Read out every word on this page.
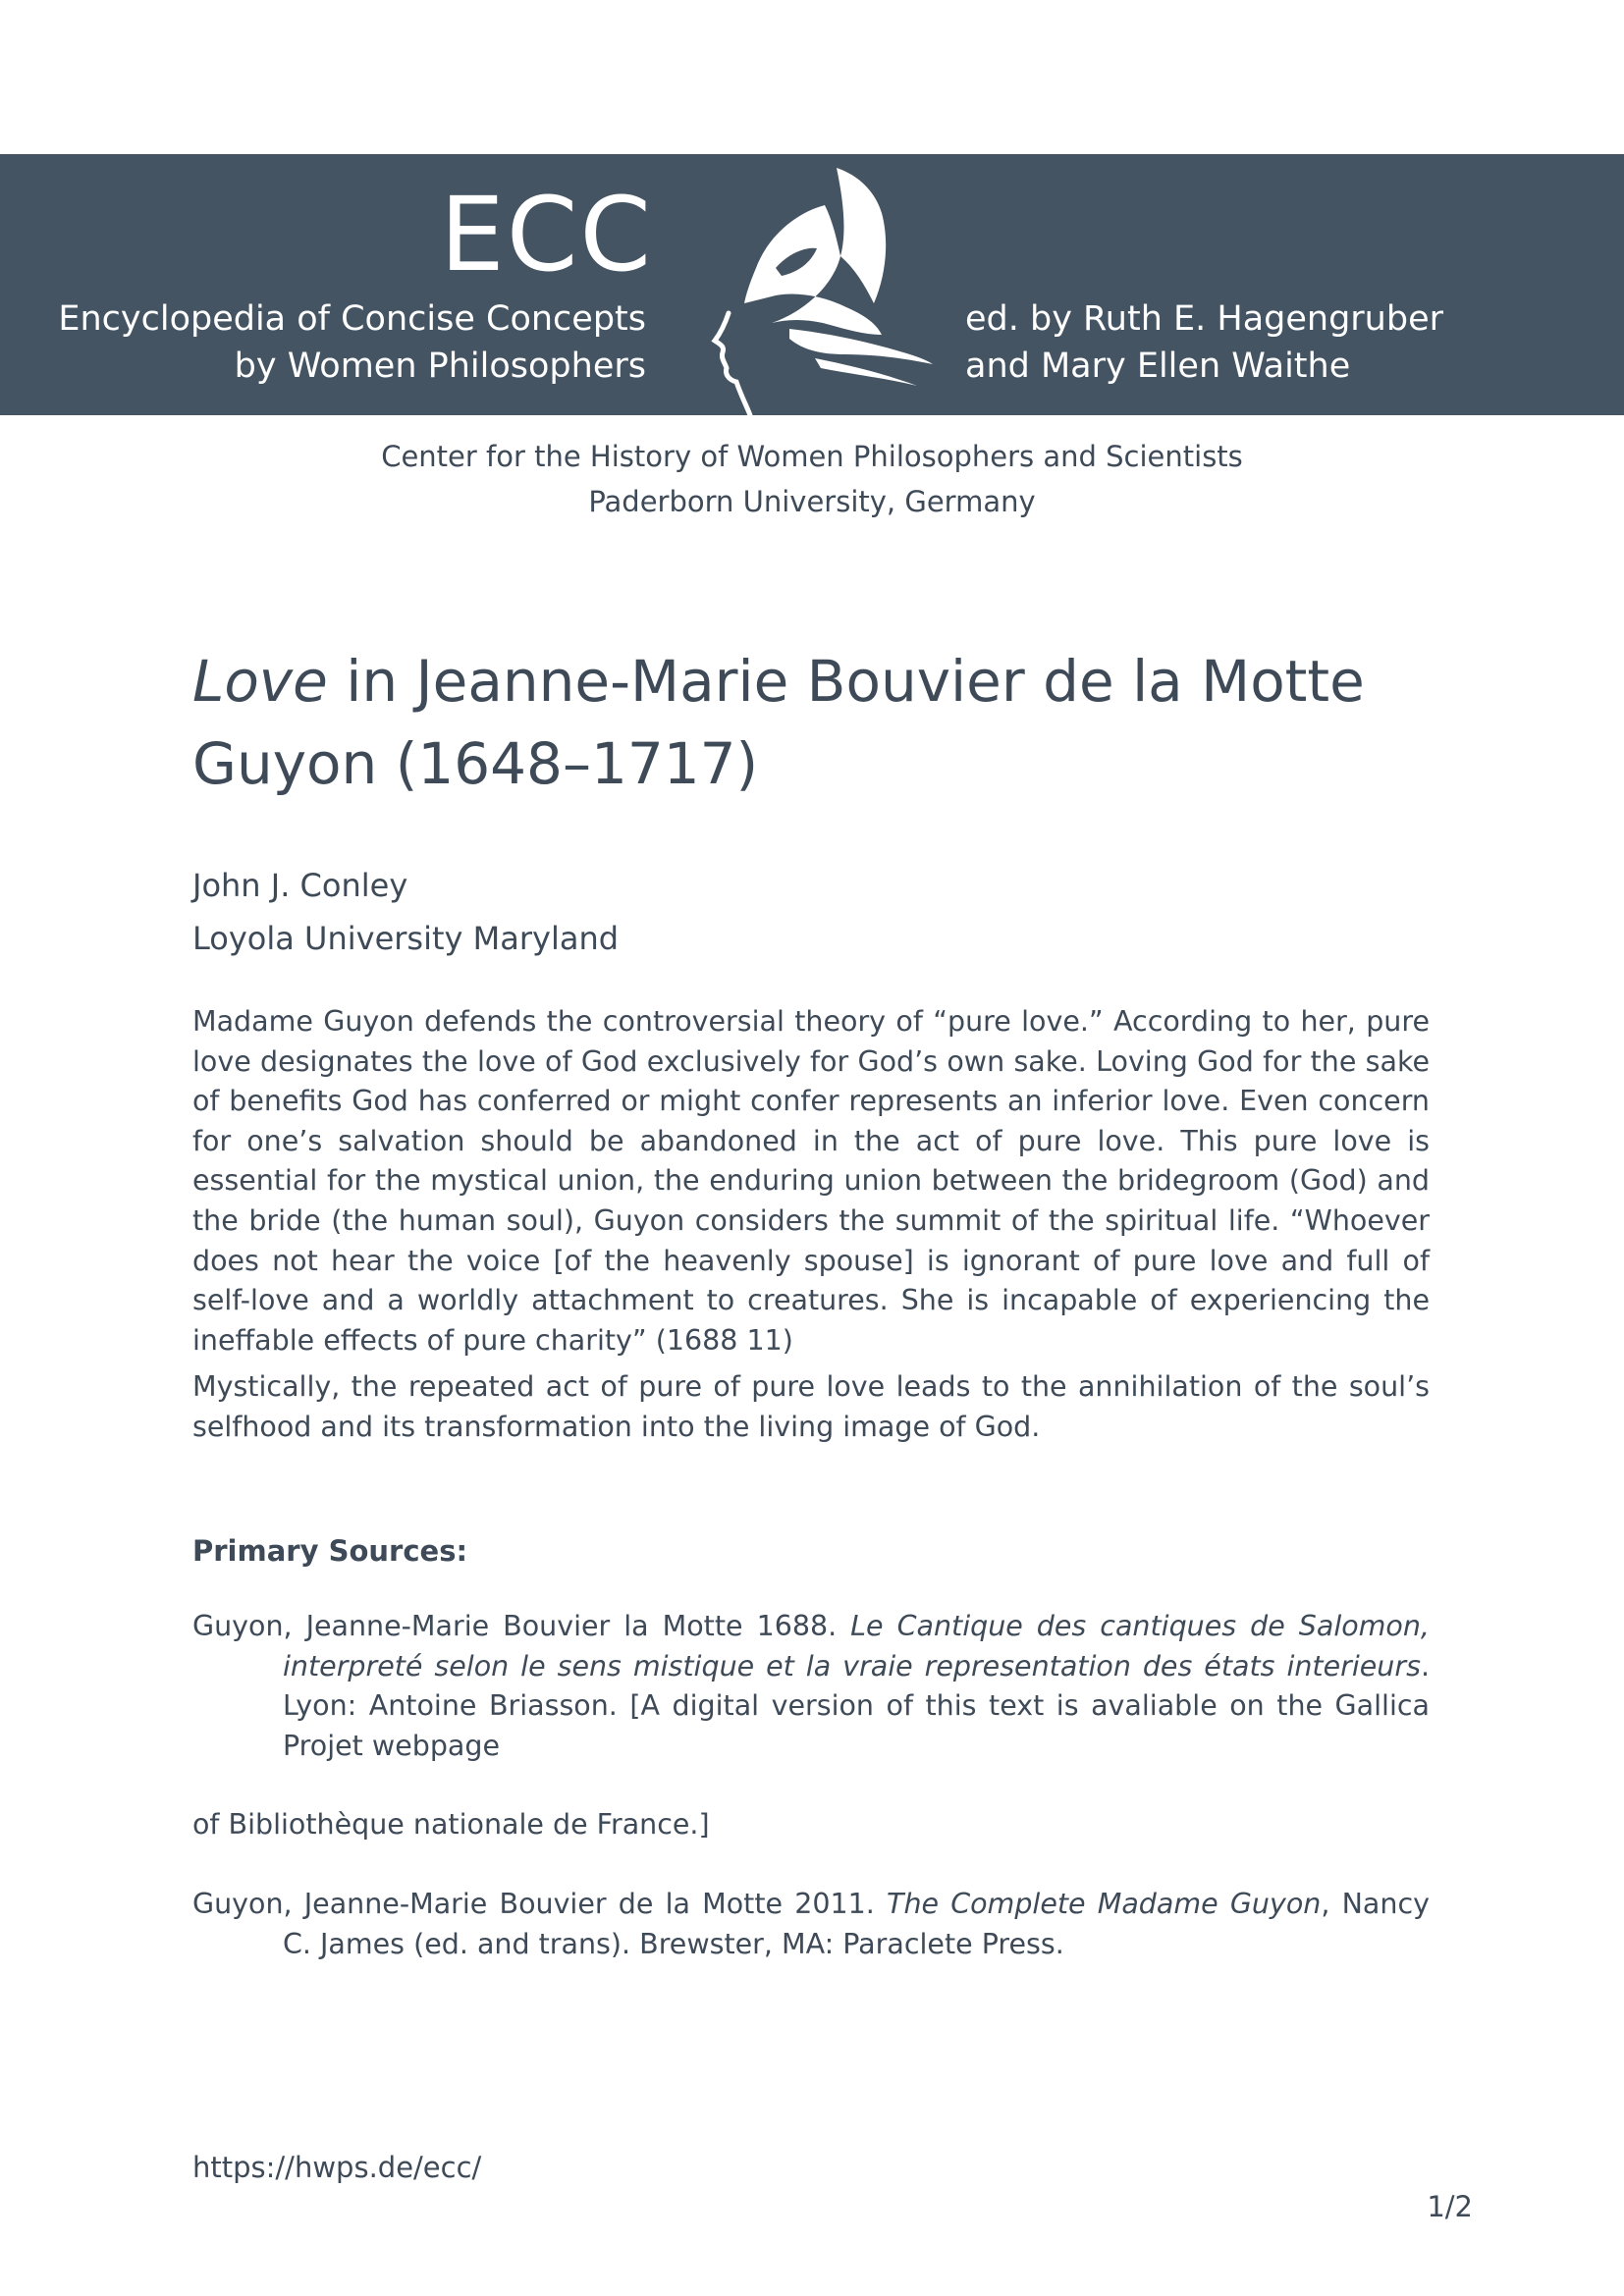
ECC
Encyclopedia of Concise Concepts
by Women Philosophers
ed. by Ruth E. Hagengruber
and Mary Ellen Waithe
Center for the History of Women Philosophers and Scientists
Paderborn University, Germany
Love in Jeanne-Marie Bouvier de la Motte Guyon (1648–1717)
John J. Conley
Loyola University Maryland
Madame Guyon defends the controversial theory of “pure love.” According to her, pure love designates the love of God exclusively for God’s own sake. Loving God for the sake of benefits God has conferred or might confer represents an inferior love. Even concern for one’s salvation should be abandoned in the act of pure love. This pure love is essential for the mystical union, the enduring union between the bridegroom (God) and the bride (the human soul), Guyon considers the summit of the spiritual life. “Whoever does not hear the voice [of the heavenly spouse] is ignorant of pure love and full of self-love and a worldly attachment to creatures. She is incapable of experiencing the ineffable effects of pure charity” (1688 11)
Mystically, the repeated act of pure of pure love leads to the annihilation of the soul’s selfhood and its transformation into the living image of God.
Primary Sources:
Guyon, Jeanne-Marie Bouvier la Motte 1688. Le Cantique des cantiques de Salomon, interpreté selon le sens mistique et la vraie representation des états interieurs. Lyon: Antoine Briasson. [A digital version of this text is avaliable on the Gallica Projet webpage
of Bibliothèque nationale de France.]
Guyon, Jeanne-Marie Bouvier de la Motte 2011. The Complete Madame Guyon, Nancy C. James (ed. and trans). Brewster, MA: Paraclete Press.
https://hwps.de/ecc/
1/2
